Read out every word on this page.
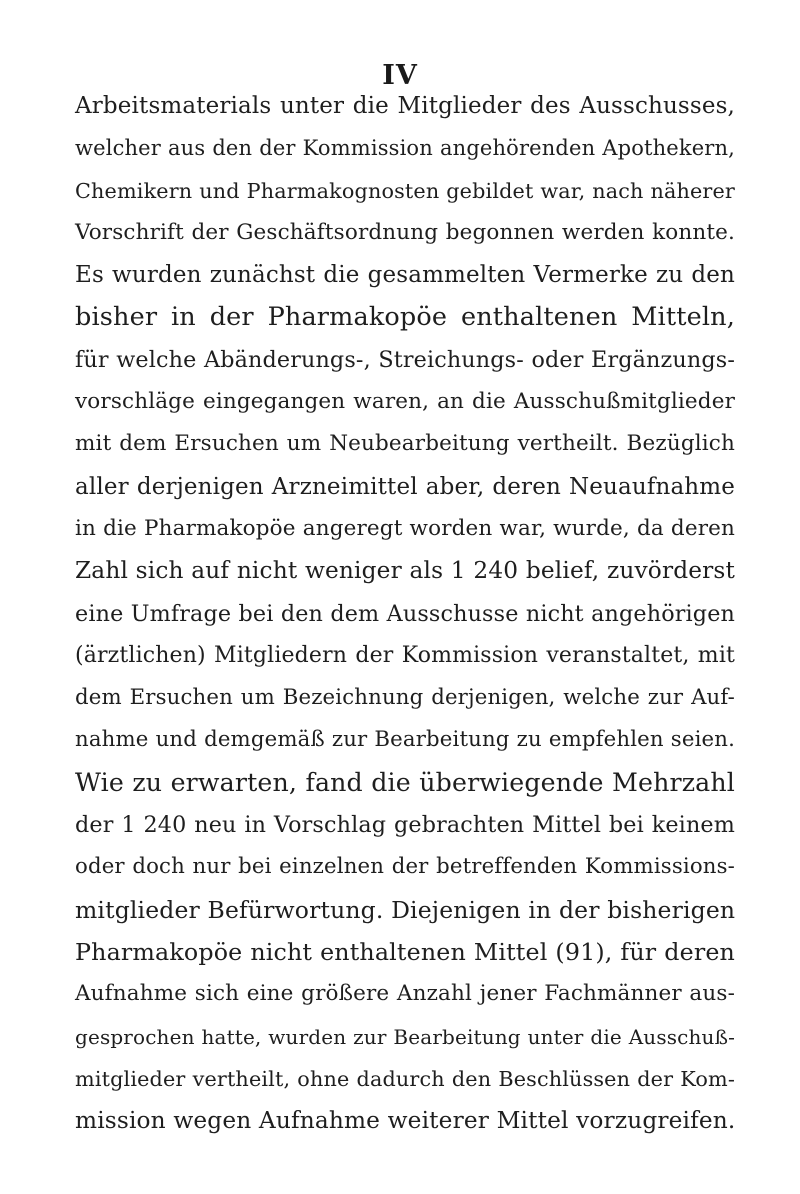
IV
Arbeitsmaterials unter die Mitglieder des Ausschusses,
welcher aus den der Kommission angehörenden Apothekern,
Chemikern und Pharmakognosten gebildet war, nach näherer
Vorschrift der Geschäftsordnung begonnen werden konnte.
Es wurden zunächst die gesammelten Vermerke zu den
bisher in der Pharmakopöe enthaltenen Mitteln,
für welche Abänderungs-, Streichungs- oder Ergänzungs-
vorschläge eingegangen waren, an die Ausschußmitglieder
mit dem Ersuchen um Neubearbeitung vertheilt. Bezüglich
aller derjenigen Arzneimittel aber, deren Neuaufnahme
in die Pharmakopöe angeregt worden war, wurde, da deren
Zahl sich auf nicht weniger als 1 240 belief, zuvörderst
eine Umfrage bei den dem Ausschusse nicht angehörigen
(ärztlichen) Mitgliedern der Kommission veranstaltet, mit
dem Ersuchen um Bezeichnung derjenigen, welche zur Auf-
nahme und demgemäß zur Bearbeitung zu empfehlen seien.
Wie zu erwarten, fand die überwiegende Mehrzahl
der 1 240 neu in Vorschlag gebrachten Mittel bei keinem
oder doch nur bei einzelnen der betreffenden Kommissions-
mitglieder Befürwortung. Diejenigen in der bisherigen
Pharmakopöe nicht enthaltenen Mittel (91), für deren
Aufnahme sich eine größere Anzahl jener Fachmänner aus-
gesprochen hatte, wurden zur Bearbeitung unter die Ausschuß-
mitglieder vertheilt, ohne dadurch den Beschlüssen der Kom-
mission wegen Aufnahme weiterer Mittel vorzugreifen.
